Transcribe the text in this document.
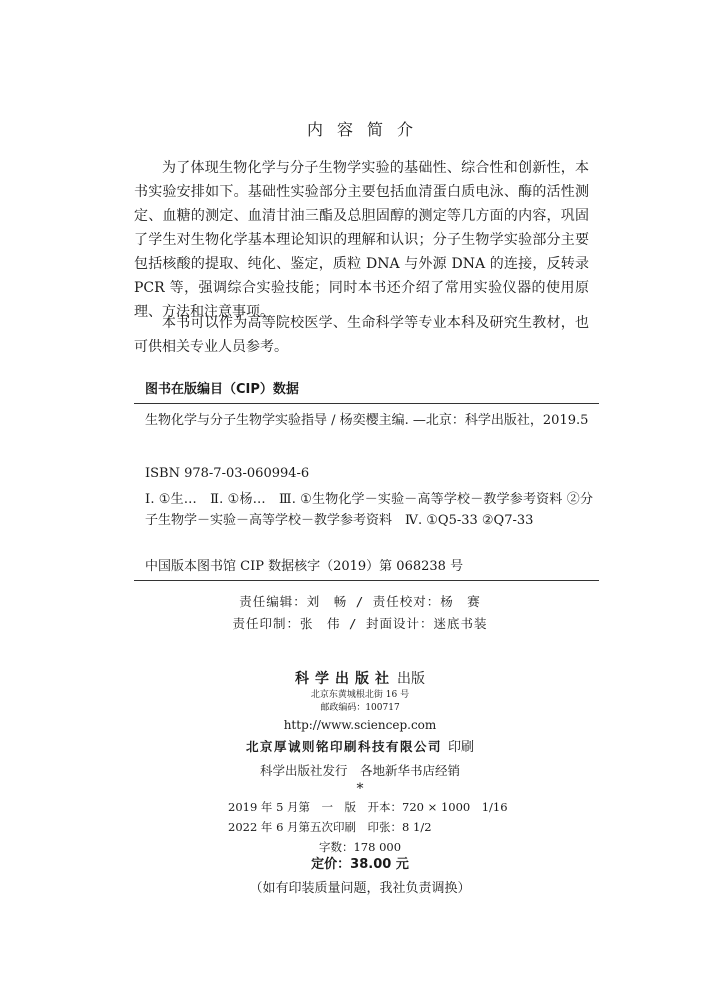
内容简介

为了体现生物化学与分子生物学实验的基础性、综合性和创新性，本书实验安排如下。基础性实验部分主要包括血清蛋白质电泳、酶的活性测定、血糖的测定、血清甘油三酯及总胆固醇的测定等几方面的内容，巩固了学生对生物化学基本理论知识的理解和认识；分子生物学实验部分主要包括核酸的提取、纯化、鉴定，质粒 DNA 与外源 DNA 的连接，反转录 PCR 等，强调综合实验技能；同时本书还介绍了常用实验仪器的使用原理、方法和注意事项。

本书可以作为高等院校医学、生命科学等专业本科及研究生教材，也可供相关专业人员参考。

图书在版编目（CIP）数据
生物化学与分子生物学实验指导 / 杨奕樱主编. —北京：科学出版社，2019.5
ISBN 978-7-03-060994-6
Ⅰ. ①生…　Ⅱ. ①杨…　Ⅲ. ①生物化学－实验－高等学校－教学参考资料 ②分子生物学－实验－高等学校－教学参考资料　Ⅳ. ①Q5-33 ②Q7-33
中国版本图书馆 CIP 数据核字（2019）第 068238 号
责任编辑：刘　畅 / 责任校对：杨　赛
责任印制：张　伟 / 封面设计：迷底书装
科学出版社 出版
北京东黄城根北街 16 号
邮政编码：100717
http://www.sciencep.com
北京厚诚则铭印刷科技有限公司 印刷
科学出版社发行　各地新华书店经销
*
2019 年 5 月第　一　版　开本：720 × 1000　1/16
2022 年 6 月第五次印刷　印张：8 1/2
字数：178 000
定价：38.00 元
（如有印装质量问题，我社负责调换）
